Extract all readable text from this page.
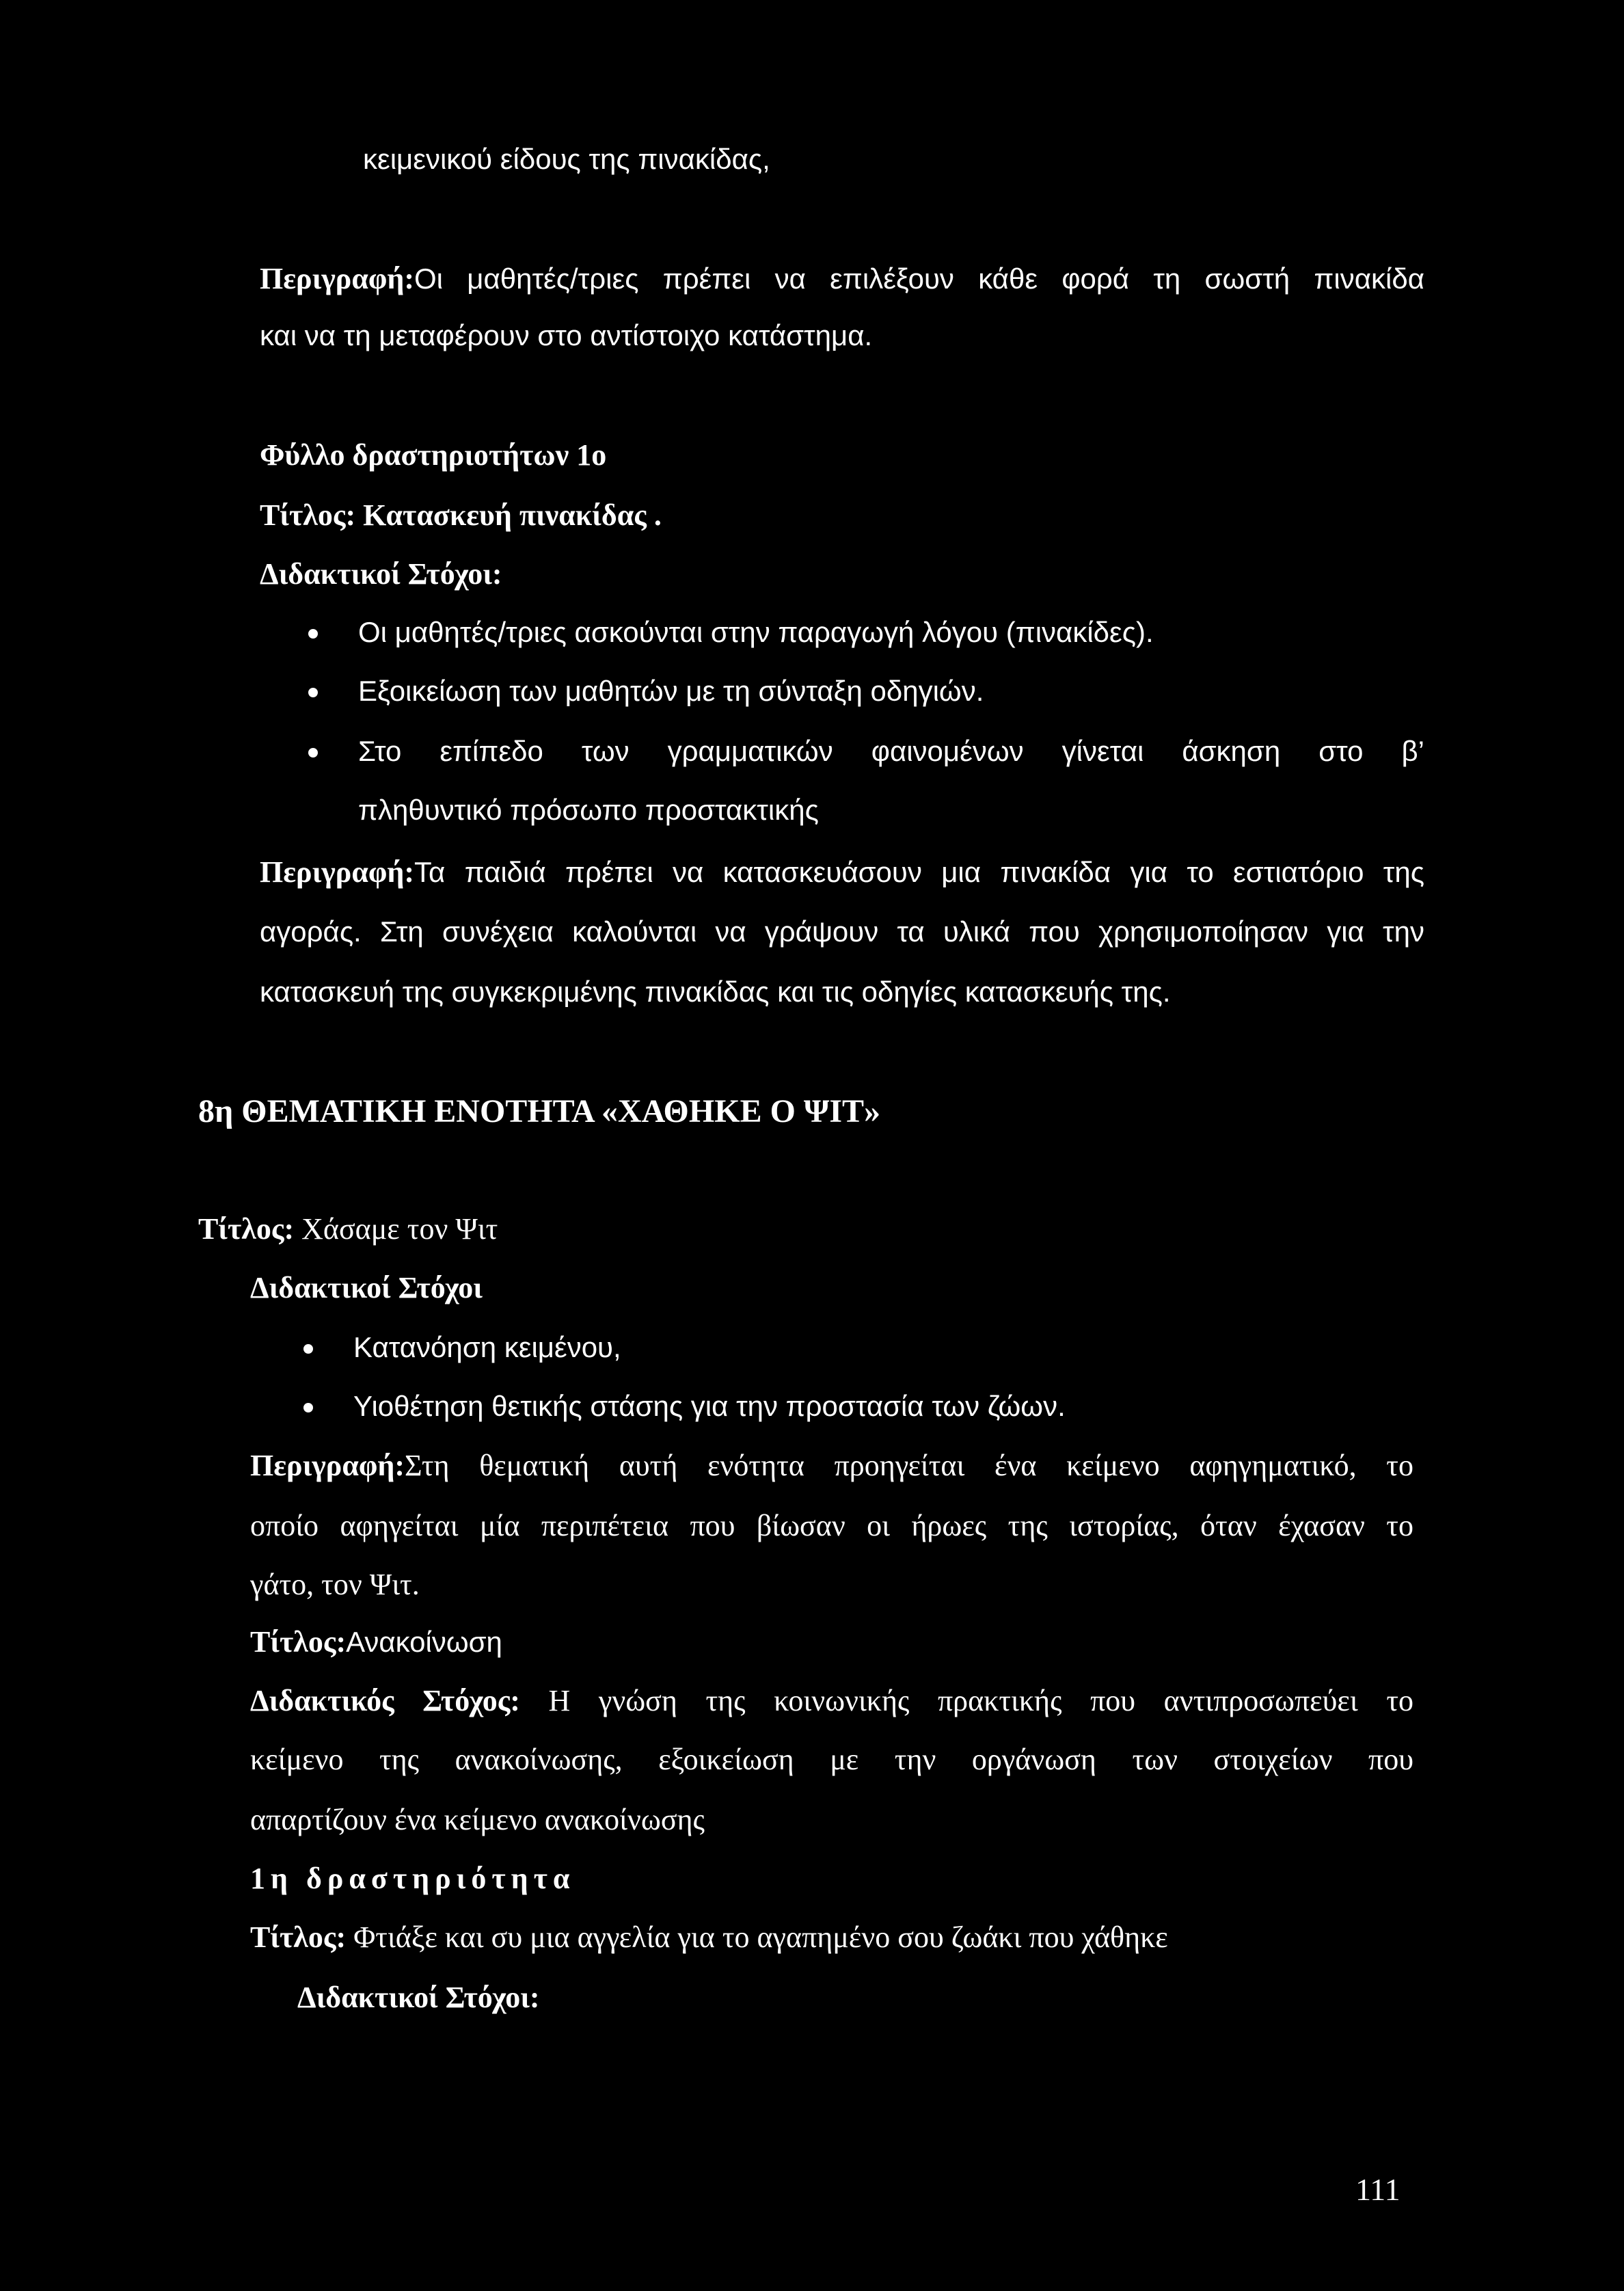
κειμενικού είδους της πινακίδας,
Περιγραφή:Οι μαθητές/τριες πρέπει να επιλέξουν κάθε φορά τη σωστή πινακίδα
και να τη μεταφέρουν στο αντίστοιχο κατάστημα.
Φύλλο δραστηριοτήτων 1ο
Τίτλος: Κατασκευή πινακίδας .
Διδακτικοί Στόχοι:
Οι μαθητές/τριες ασκούνται στην παραγωγή λόγου (πινακίδες).
Εξοικείωση των μαθητών με τη σύνταξη οδηγιών.
Στο επίπεδο των γραμματικών φαινομένων γίνεται άσκηση στο β’
πληθυντικό πρόσωπο προστακτικής
Περιγραφή:Τα παιδιά πρέπει να κατασκευάσουν μια πινακίδα για το εστιατόριο της
αγοράς. Στη συνέχεια καλούνται να γράψουν τα υλικά που χρησιμοποίησαν για την
κατασκευή της συγκεκριμένης πινακίδας και τις οδηγίες κατασκευής της.
8η ΘΕΜΑΤΙΚΗ ΕΝΟΤΗΤΑ «ΧΑΘΗΚΕ Ο ΨΙΤ»
Τίτλος: Χάσαμε τον Ψιτ
Διδακτικοί Στόχοι
Κατανόηση κειμένου,
Υιοθέτηση θετικής στάσης για την προστασία των ζώων.
Περιγραφή:Στη θεματική αυτή ενότητα προηγείται ένα κείμενο αφηγηματικό, το
οποίο αφηγείται μία περιπέτεια που βίωσαν οι ήρωες της ιστορίας, όταν έχασαν το
γάτο, τον Ψιτ.
Τίτλος:Ανακοίνωση
Διδακτικός Στόχος: Η γνώση της κοινωνικής πρακτικής που αντιπροσωπεύει το
κείμενο της ανακοίνωσης, εξοικείωση με την οργάνωση των στοιχείων που
απαρτίζουν ένα κείμενο ανακοίνωσης
1η δραστηριότητα
Τίτλος: Φτιάξε και συ μια αγγελία για το αγαπημένο σου ζωάκι που χάθηκε
Διδακτικοί Στόχοι:
111
